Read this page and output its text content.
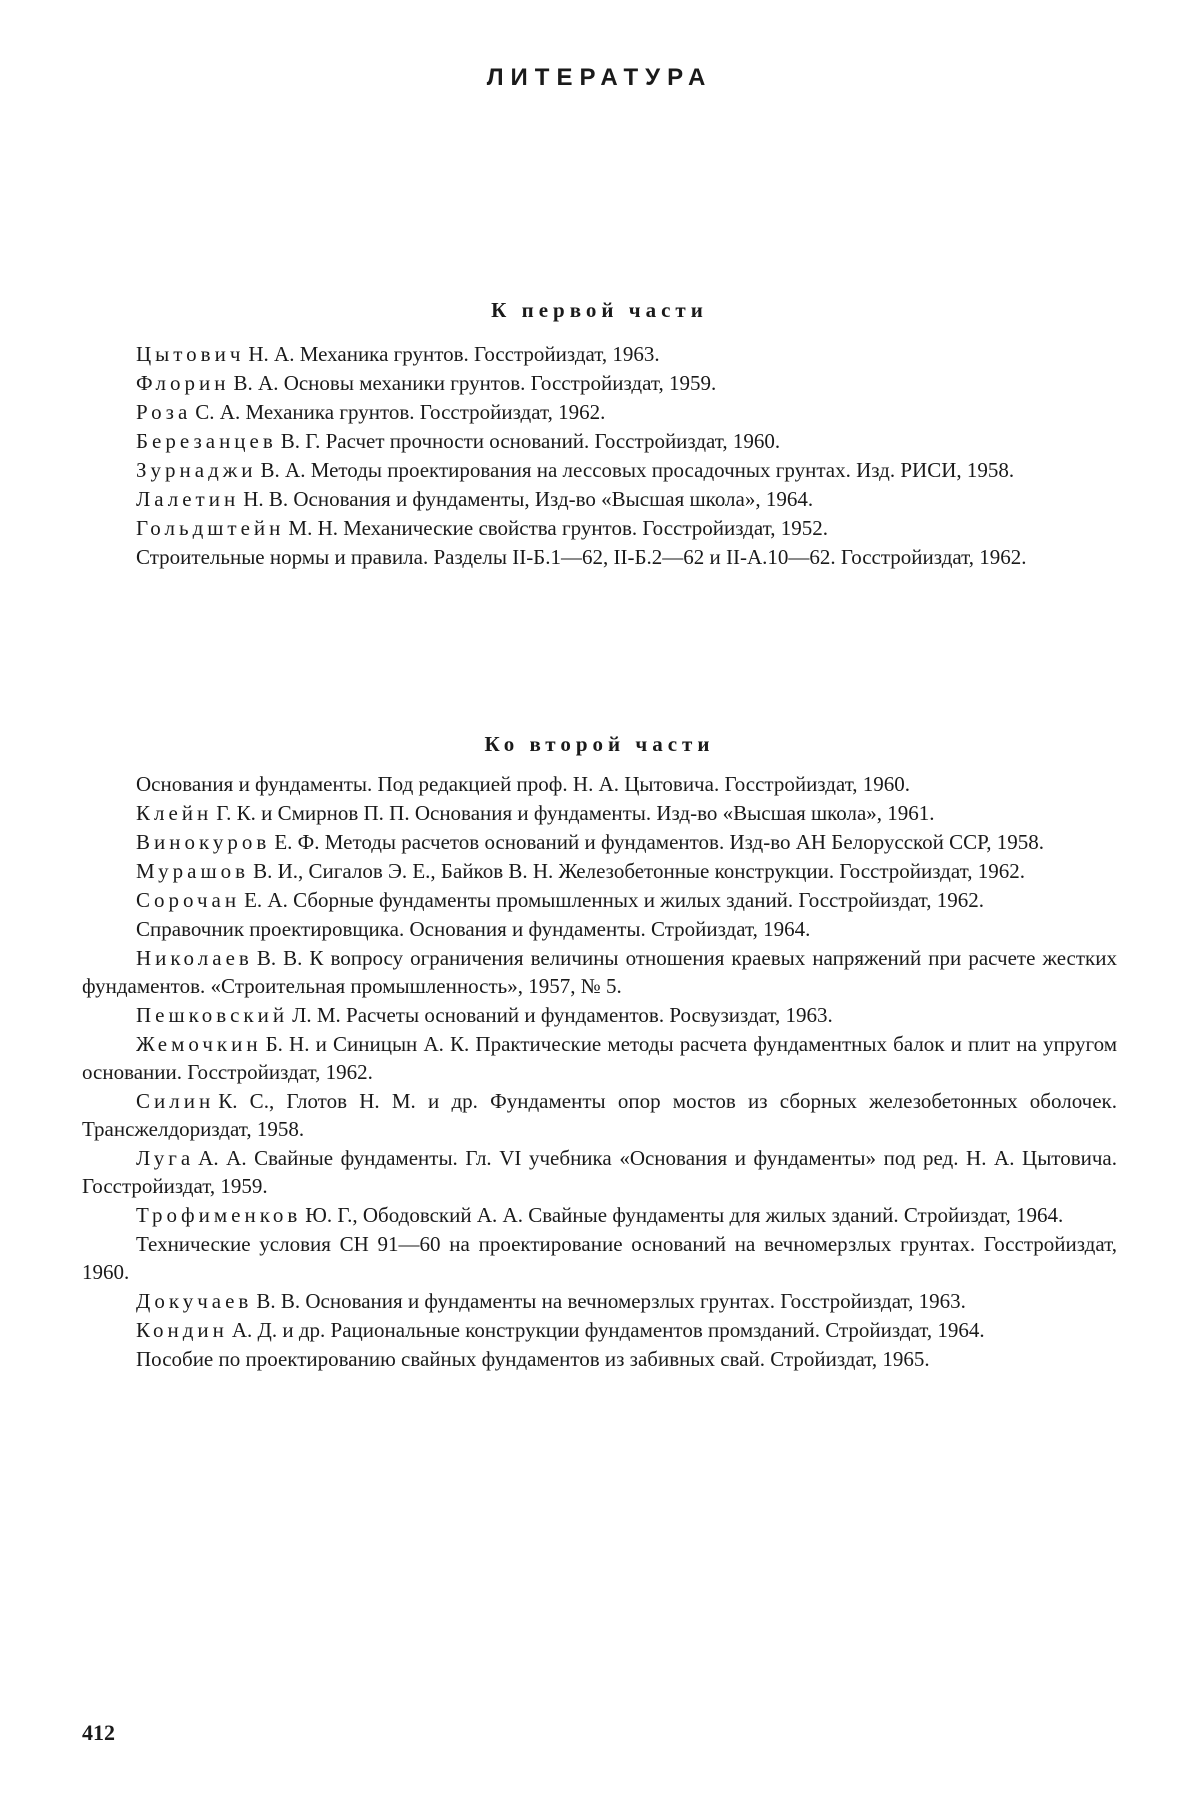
ЛИТЕРАТУРА
К первой части
Цытович Н. А. Механика грунтов. Госстройиздат, 1963.
Флорин В. А. Основы механики грунтов. Госстройиздат, 1959.
Роза С. А. Механика грунтов. Госстройиздат, 1962.
Березанцев В. Г. Расчет прочности оснований. Госстройиздат, 1960.
Зурнаджи В. А. Методы проектирования на лессовых просадочных грунтах. Изд. РИСИ, 1958.
Лалетин Н. В. Основания и фундаменты, Изд-во «Высшая школа», 1964.
Гольдштейн М. Н. Механические свойства грунтов. Госстройиздат, 1952.
Строительные нормы и правила. Разделы II-Б.1—62, II-Б.2—62 и II-А.10—62. Госстройиздат, 1962.
Ко второй части
Основания и фундаменты. Под редакцией проф. Н. А. Цытовича. Госстройиздат, 1960.
Клейн Г. К. и Смирнов П. П. Основания и фундаменты. Изд-во «Высшая школа», 1961.
Винокуров Е. Ф. Методы расчетов оснований и фундаментов. Изд-во АН Белорусской ССР, 1958.
Мурашов В. И., Сигалов Э. Е., Байков В. Н. Железобетонные конструкции. Госстройиздат, 1962.
Сорочан Е. А. Сборные фундаменты промышленных и жилых зданий. Госстройиздат, 1962.
Справочник проектировщика. Основания и фундаменты. Стройиздат, 1964.
Николаев В. В. К вопросу ограничения величины отношения краевых напряжений при расчете жестких фундаментов. «Строительная промышленность», 1957, № 5.
Пешковский Л. М. Расчеты оснований и фундаментов. Росвузиздат, 1963.
Жемочкин Б. Н. и Синицын А. К. Практические методы расчета фундаментных балок и плит на упругом основании. Госстройиздат, 1962.
Силин К. С., Глотов Н. М. и др. Фундаменты опор мостов из сборных железобетонных оболочек. Трансжелдориздат, 1958.
Луга А. А. Свайные фундаменты. Гл. VI учебника «Основания и фундаменты» под ред. Н. А. Цытовича. Госстройиздат, 1959.
Трофименков Ю. Г., Ободовский А. А. Свайные фундаменты для жилых зданий. Стройиздат, 1964.
Технические условия СН 91—60 на проектирование оснований на вечномерзлых грунтах. Госстройиздат, 1960.
Докучаев В. В. Основания и фундаменты на вечномерзлых грунтах. Госстройиздат, 1963.
Кондин А. Д. и др. Рациональные конструкции фундаментов промзданий. Стройиздат, 1964.
Пособие по проектированию свайных фундаментов из забивных свай. Стройиздат, 1965.

412
